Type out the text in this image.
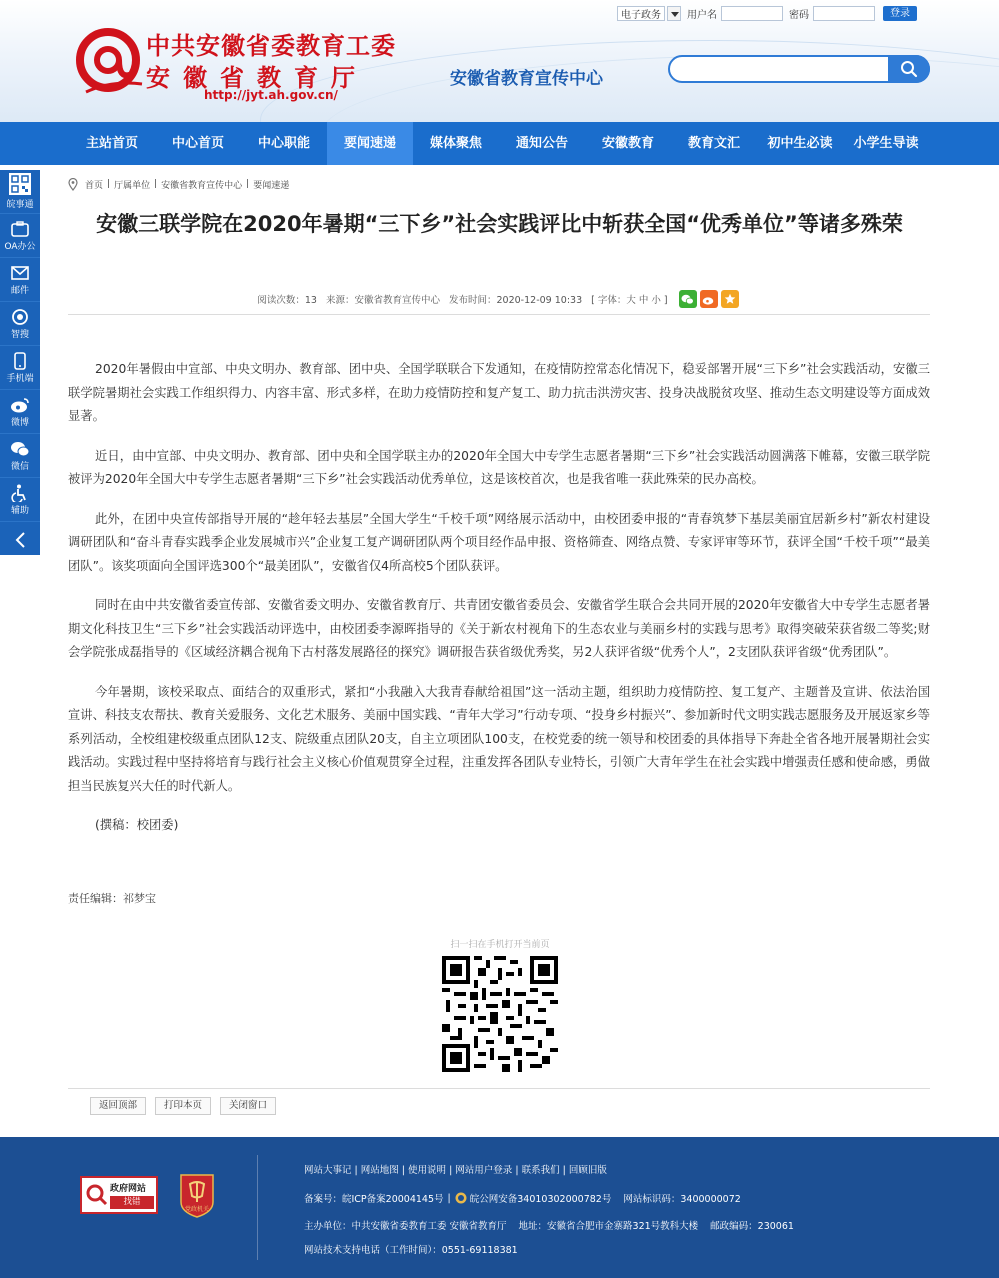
中共安徽省委教育工委
安徽省教育厅
http://jyt.ah.gov.cn/
安徽省教育宣传中心
电子政务	用户名	密码	登录
主站首页	中心首页	中心职能	要闻速递	媒体聚焦	通知公告	安徽教育	教育文汇	初中生必读	小学生导读
皖事通
OA办公
邮件
智搜
手机端
微博
微信
辅助
首页 | 厅属单位 | 安徽省教育宣传中心 | 要闻速递
安徽三联学院在2020年暑期“三下乡”社会实践评比中斩获全国“优秀单位”等诸多殊荣
阅读次数：13 来源：安徽省教育宣传中心 发布时间：2020-12-09 10:33 [ 字体：大 中 小 ]

2020年暑假由中宣部、中央文明办、教育部、团中央、全国学联联合下发通知，在疫情防控常态化情况下，稳妥部署开展“三下乡”社会实践活动，安徽三联学院暑期社会实践工作组织得力、内容丰富、形式多样，在助力疫情防控和复产复工、助力抗击洪涝灾害、投身决战脱贫攻坚、推动生态文明建设等方面成效显著。

近日，由中宣部、中央文明办、教育部、团中央和全国学联主办的2020年全国大中专学生志愿者暑期“三下乡”社会实践活动圆满落下帷幕，安徽三联学院被评为2020年全国大中专学生志愿者暑期“三下乡”社会实践活动优秀单位，这是该校首次，也是我省唯一获此殊荣的民办高校。

此外，在团中央宣传部指导开展的“趁年轻去基层”全国大学生“千校千项”网络展示活动中，由校团委申报的“青春筑梦下基层美丽宜居新乡村”新农村建设调研团队和“奋斗青春实践季企业发展城市兴”企业复工复产调研团队两个项目经作品申报、资格筛查、网络点赞、专家评审等环节，获评全国“千校千项”“最美团队”。该奖项面向全国评选300个“最美团队”，安徽省仅4所高校5个团队获评。

同时在由中共安徽省委宣传部、安徽省委文明办、安徽省教育厅、共青团安徽省委员会、安徽省学生联合会共同开展的2020年安徽省大中专学生志愿者暑期文化科技卫生“三下乡”社会实践活动评选中，由校团委李源晖指导的《关于新农村视角下的生态农业与美丽乡村的实践与思考》取得突破荣获省级二等奖;财会学院张成磊指导的《区域经济耦合视角下古村落发展路径的探究》调研报告获省级优秀奖，另2人获评省级“优秀个人”，2支团队获评省级“优秀团队”。

今年暑期，该校采取点、面结合的双重形式，紧扣“小我融入大我青春献给祖国”这一活动主题，组织助力疫情防控、复工复产、主题普及宣讲、依法治国宣讲、科技支农帮扶、教育关爱服务、文化艺术服务、美丽中国实践、“青年大学习”行动专项、“投身乡村振兴”、参加新时代文明实践志愿服务及开展返家乡等系列活动，全校组建校级重点团队12支、院级重点团队20支，自主立项团队100支，在校党委的统一领导和校团委的具体指导下奔赴全省各地开展暑期社会实践活动。实践过程中坚持将培育与践行社会主义核心价值观贯穿全过程，注重发挥各团队专业特长，引领广大青年学生在社会实践中增强责任感和使命感，勇做担当民族复兴大任的时代新人。

(撰稿：校团委)

责任编辑：祁梦宝
扫一扫在手机打开当前页
返回顶部	打印本页	关闭窗口
政府网站
找错
党政机关
网站大事记 | 网站地图 | 使用说明 | 网站用户登录 | 联系我们 | 回顾旧版
备案号：皖ICP备案20004145号 | 皖公网安备34010302000782号 网站标识码：3400000072
主办单位：中共安徽省委教育工委 安徽省教育厅 地址：安徽省合肥市金寨路321号教科大楼 邮政编码：230061
网站技术支持电话（工作时间）：0551-69118381
